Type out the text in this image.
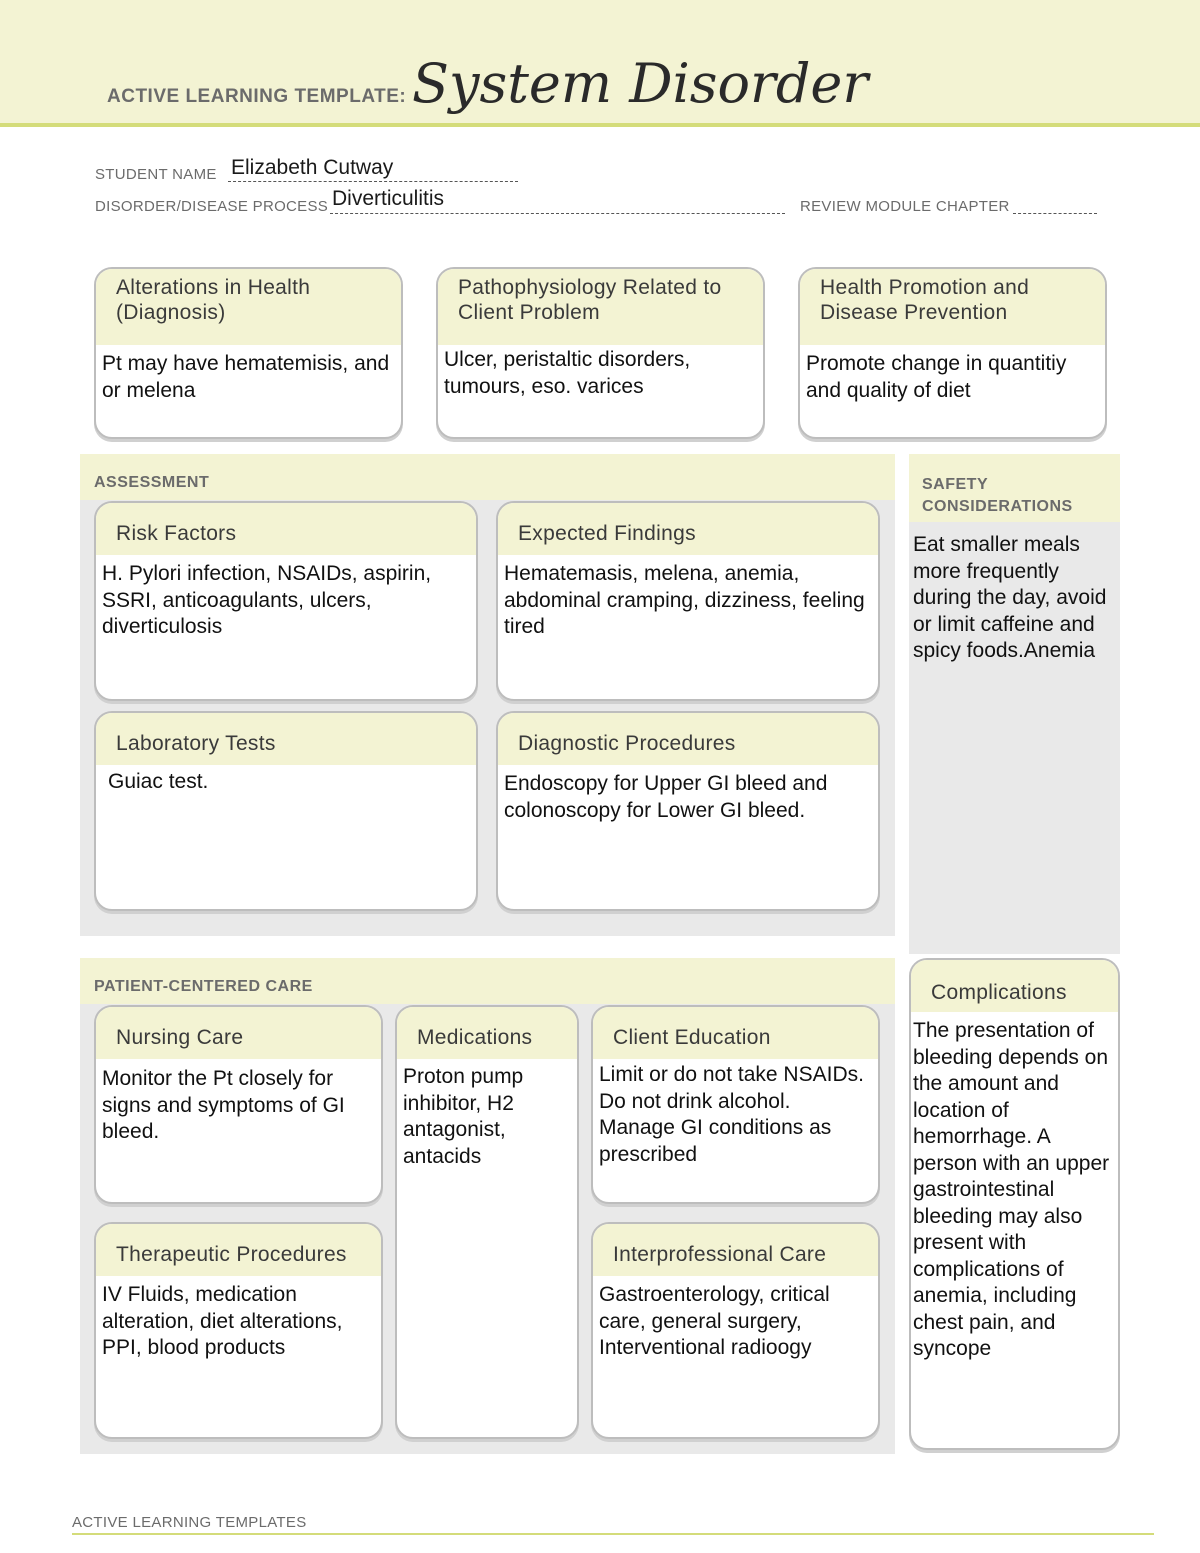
ACTIVE LEARNING TEMPLATE: System Disorder
STUDENT NAME Elizabeth Cutway
DISORDER/DISEASE PROCESS Diverticulitis	REVIEW MODULE CHAPTER
Alterations in Health (Diagnosis)
Pt may have hematemisis, and or melena
Pathophysiology Related to Client Problem
Ulcer, peristaltic disorders, tumours, eso. varices
Health Promotion and Disease Prevention
Promote change in quantitiy and quality of diet
ASSESSMENT
Risk Factors
H. Pylori infection, NSAIDs, aspirin, SSRI, anticoagulants, ulcers, diverticulosis
Expected Findings
Hematemasis, melena, anemia, abdominal cramping, dizziness, feeling tired
Laboratory Tests
Guiac test.
Diagnostic Procedures
Endoscopy for Upper GI bleed and colonoscopy for Lower GI bleed.
SAFETY CONSIDERATIONS
Eat smaller meals more frequently during the day, avoid or limit caffeine and spicy foods.Anemia
PATIENT-CENTERED CARE
Nursing Care
Monitor the Pt closely for signs and symptoms of GI bleed.
Medications
Proton pump inhibitor, H2 antagonist, antacids
Client Education
Limit or do not take NSAIDs. Do not drink alcohol. Manage GI conditions as prescribed
Therapeutic Procedures
IV Fluids, medication alteration, diet alterations, PPI, blood products
Interprofessional Care
Gastroenterology, critical care, general surgery, Interventional radioogy
Complications
The presentation of bleeding depends on the amount and location of hemorrhage. A person with an upper gastrointestinal bleeding may also present with complications of anemia, including chest pain, and syncope
ACTIVE LEARNING TEMPLATES
